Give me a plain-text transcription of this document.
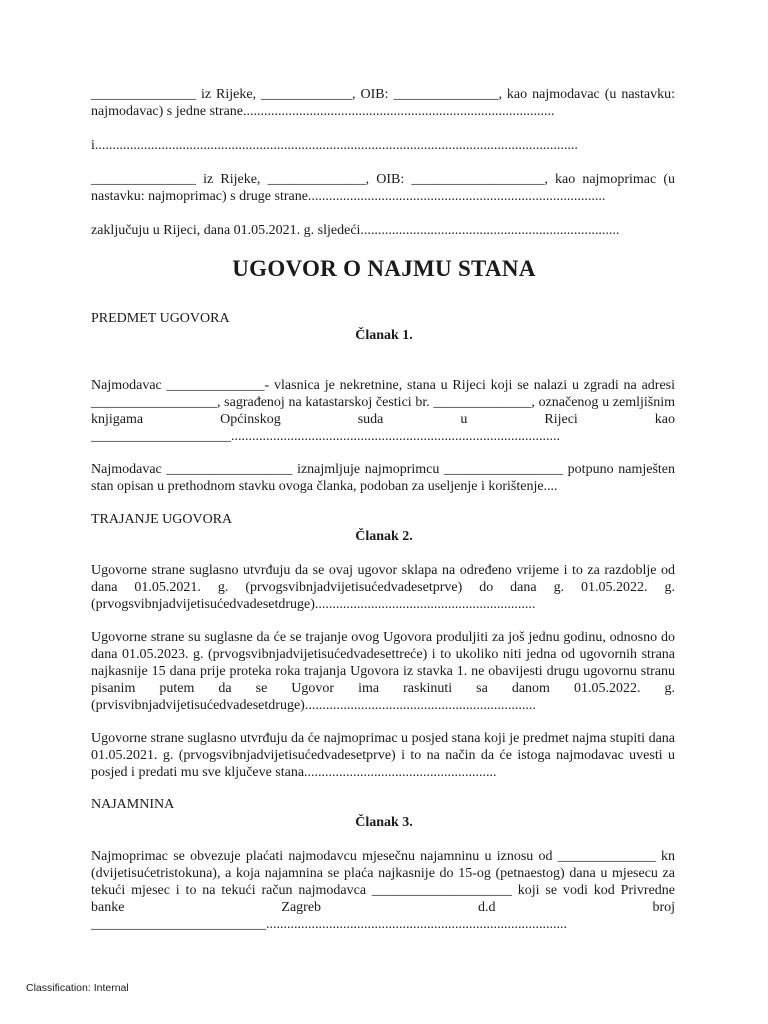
_______________ iz Rijeke, _____________, OIB: _______________, kao najmodavac (u nastavku: najmodavac) s jedne strane.........................................................................................

i..........................................................................................................................................

_______________ iz Rijeke, ______________, OIB: ___________________, kao najmoprimac (u nastavku: najmoprimac) s druge strane.....................................................................................

zaključuju u Rijeci, dana 01.05.2021. g. sljedeći..........................................................................

UGOVOR O NAJMU STANA

PREDMET UGOVORA

Članak 1.

Najmodavac ______________- vlasnica je nekretnine, stana u Rijeci koji se nalazi u zgradi na adresi __________________, sagrađenoj na katastarskoj čestici br. ______________, označenog u zemljišnim knjigama Općinskog suda u Rijeci kao ____________________..............................................................................................

Najmodavac __________________ iznajmljuje najmoprimcu _________________ potpuno namješten stan opisan u prethodnom stavku ovoga članka, podoban za useljenje i korištenje....

TRAJANJE UGOVORA

Članak 2.

Ugovorne strane suglasno utvrđuju da se ovaj ugovor sklapa na određeno vrijeme i to za razdoblje od dana 01.05.2021. g. (prvogsvibnjadvijetisućedvadesetprve) do dana g. 01.05.2022. g. (prvogsvibnjadvijetisućedvadesetdruge)...............................................................

Ugovorne strane su suglasne da će se trajanje ovog Ugovora produljiti za još jednu godinu, odnosno do dana 01.05.2023. g. (prvogsvibnjadvijetisućedvadesettreće) i to ukoliko niti jedna od ugovornih strana najkasnije 15 dana prije proteka roka trajanja Ugovora iz stavka 1. ne obavijesti drugu ugovornu stranu pisanim putem da se Ugovor ima raskinuti sa danom 01.05.2022. g. (prvisvibnjadvijetisućedvadesetdruge)..................................................................

Ugovorne strane suglasno utvrđuju da će najmoprimac u posjed stana koji je predmet najma stupiti dana 01.05.2021. g. (prvogsvibnjadvijetisućedvadesetprve) i to na način da će istoga najmodavac uvesti u posjed i predati mu sve ključeve stana.......................................................

NAJAMNINA

Članak 3.

Najmoprimac se obvezuje plaćati najmodavcu mjesečnu najamninu u iznosu od ______________ kn (dvijetisućetristokuna), a koja najamnina se plaća najkasnije do 15-og (petnaestog) dana u mjesecu za tekući mjesec i to na tekući račun najmodavca ____________________ koji se vodi kod Privredne banke Zagreb d.d broj _________________________......................................................................................

Classification: Internal
